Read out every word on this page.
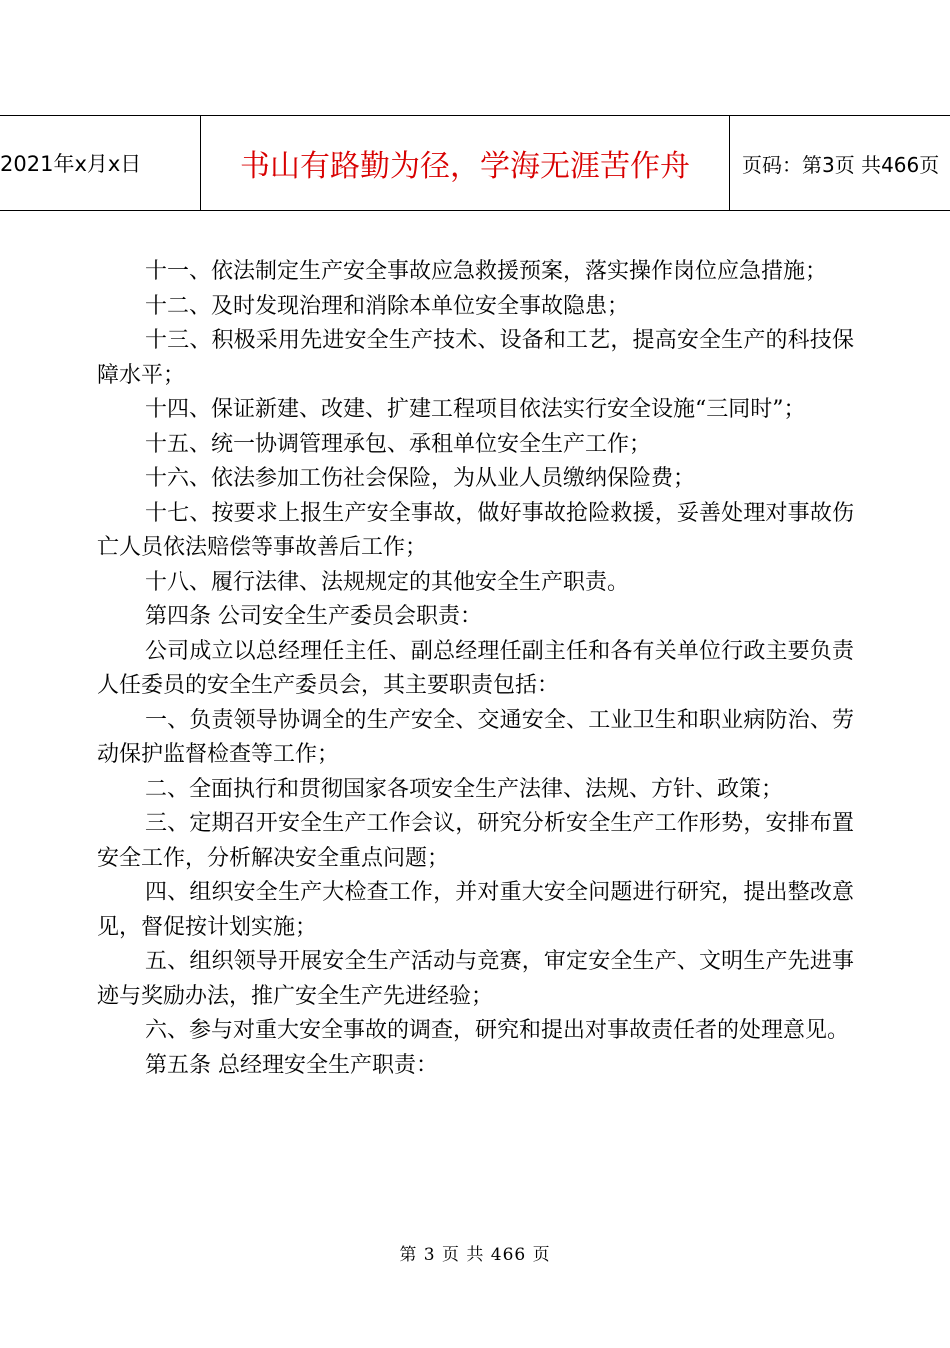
2021年x月x日	书山有路勤为径，学海无涯苦作舟	页码：第3页 共466页

十一、依法制定生产安全事故应急救援预案，落实操作岗位应急措施；

十二、及时发现治理和消除本单位安全事故隐患；

十三、积极采用先进安全生产技术、设备和工艺，提高安全生产的科技保障水平；

十四、保证新建、改建、扩建工程项目依法实行安全设施“三同时”；

十五、统一协调管理承包、承租单位安全生产工作；

十六、依法参加工伤社会保险，为从业人员缴纳保险费；

十七、按要求上报生产安全事故，做好事故抢险救援，妥善处理对事故伤亡人员依法赔偿等事故善后工作；

十八、履行法律、法规规定的其他安全生产职责。

第四条 公司安全生产委员会职责：

公司成立以总经理任主任、副总经理任副主任和各有关单位行政主要负责人任委员的安全生产委员会，其主要职责包括：

一、负责领导协调全的生产安全、交通安全、工业卫生和职业病防治、劳动保护监督检查等工作；

二、全面执行和贯彻国家各项安全生产法律、法规、方针、政策；

三、定期召开安全生产工作会议，研究分析安全生产工作形势，安排布置安全工作，分析解决安全重点问题；

四、组织安全生产大检查工作，并对重大安全问题进行研究，提出整改意见，督促按计划实施；

五、组织领导开展安全生产活动与竞赛，审定安全生产、文明生产先进事迹与奖励办法，推广安全生产先进经验；

六、参与对重大安全事故的调查，研究和提出对事故责任者的处理意见。

第五条 总经理安全生产职责：

第 3 页 共 466 页
